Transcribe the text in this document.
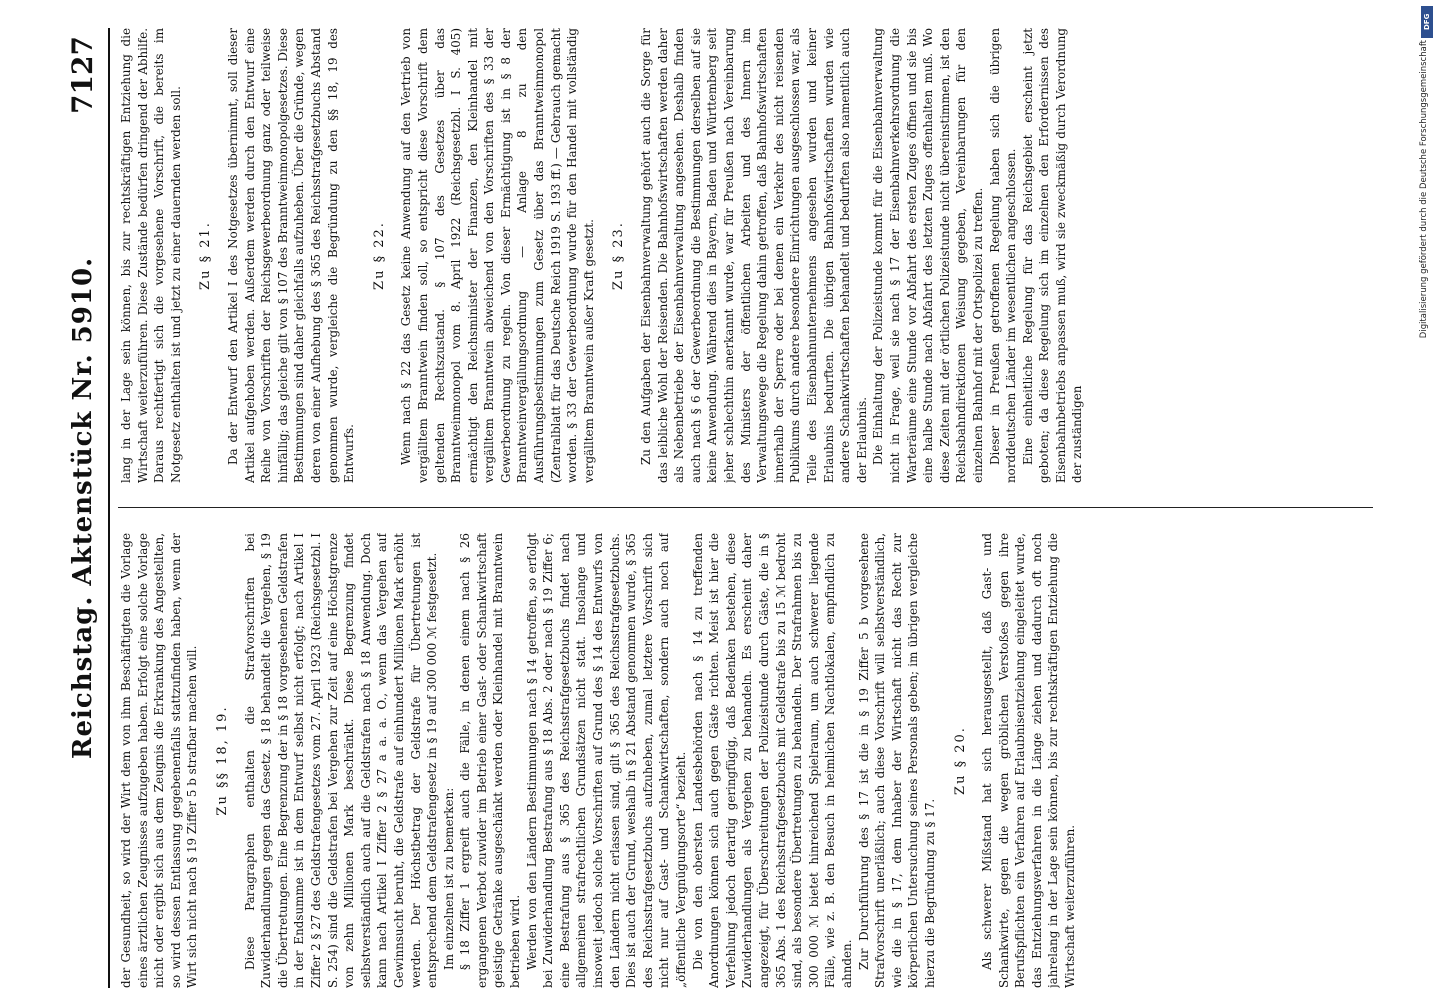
Reichstag. Aktenstück Nr. 5910.
7127

der Gesundheit, so wird der Wirt dem von ihm Beschäftigten die Vorlage eines ärztlichen Zeugnisses aufzugeben haben. Erfolgt eine solche Vorlage nicht oder ergibt sich aus dem Zeugnis die Erkrankung des Angestellten, so wird dessen Entlassung gegebenenfalls stattzufinden haben, wenn der Wirt sich nicht nach § 19 Ziffer 5 b strafbar machen will. Zu §§ 18, 19. Diese Paragraphen enthalten die Strafvorschriften bei Zuwiderhandlungen gegen das Gesetz. § 18 behandelt die Vergehen, § 19 die Übertretungen. Eine Begrenzung der in § 18 vorgesehenen Geldstrafen in der Endsumme ist in dem Entwurf selbst nicht erfolgt; nach Artikel I Ziffer 2 § 27 des Geldstrafengesetzes vom 27. April 1923 (Reichsgesetzbl. I S. 254) sind die Geldstrafen bei Vergehen zur Zeit auf eine Höchstgrenze von zehn Millionen Mark beschränkt. Diese Begrenzung findet selbstverständlich auch auf die Geldstrafen nach § 18 Anwendung. Doch kann nach Artikel I Ziffer 2 § 27 a a. a. O., wenn das Vergehen auf Gewinnsucht beruht, die Geldstrafe auf einhundert Millionen Mark erhöht werden. Der Höchstbetrag der Geldstrafe für Übertretungen ist entsprechend dem Geldstrafengesetz in § 19 auf 300 000 ℳ festgesetzt. Im einzelnen ist zu bemerken: § 18 Ziffer 1 ergreift auch die Fälle, in denen einem nach § 26 ergangenen Verbot zuwider im Betrieb einer Gast- oder Schankwirtschaft geistige Getränke ausgeschänkt werden oder Kleinhandel mit Branntwein betrieben wird. Werden von den Ländern Bestimmungen nach § 14 getroffen, so erfolgt bei Zuwiderhandlung Bestrafung aus § 18 Abs. 2 oder nach § 19 Ziffer 6; eine Bestrafung aus § 365 des Reichsstrafgesetzbuchs findet nach allgemeinen strafrechtlichen Grundsätzen nicht statt. Insolange und insoweit jedoch solche Vorschriften auf Grund des § 14 des Entwurfs von den Ländern nicht erlassen sind, gilt § 365 des Reichsstrafgesetzbuchs. Dies ist auch der Grund, weshalb in § 21 Abstand genommen wurde, § 365 des Reichsstrafgesetzbuchs aufzuheben, zumal letztere Vorschrift sich nicht nur auf Gast- und Schankwirtschaften, sondern auch noch auf „öffentliche Vergnügungsorte“ bezieht. Die von den obersten Landesbehörden nach § 14 zu treffenden Anordnungen können sich auch gegen Gäste richten. Meist ist hier die Verfehlung jedoch derartig geringfügig, daß Bedenken bestehen, diese Zuwiderhandlungen als Vergehen zu behandeln. Es erscheint daher angezeigt, für Überschreitungen der Polizeistunde durch Gäste, die in § 365 Abs. 1 des Reichsstrafgesetzbuchs mit Geldstrafe bis zu 15 ℳ bedroht sind, als besondere Übertretungen zu behandeln. Der Strafrahmen bis zu 300 000 ℳ bietet hinreichend Spielraum, um auch schwerer liegende Fälle, wie z. B. den Besuch in heimlichen Nachtlokalen, empfindlich zu ahnden. Zur Durchführung des § 17 ist die in § 19 Ziffer 5 b vorgesehene Strafvorschrift unerläßlich; auch diese Vorschrift will selbstverständlich, wie die in § 17, dem Inhaber der Wirtschaft nicht das Recht zur körperlichen Untersuchung seines Personals geben; im übrigen vergleiche hierzu die Begründung zu § 17.

Zu § 20. Als schwerer Mißstand hat sich herausgestellt, daß Gast- und Schankwirte, gegen die wegen gröblichen Verstoßes gegen ihre Berufspflichten ein Verfahren auf Erlaubnisentziehung eingeleitet wurde, das Entziehungsverfahren in die Länge ziehen und dadurch oft noch jahrelang in der Lage sein können, bis zur rechtskräftigen Entziehung die Wirtschaft weiterzuführen.

lang in der Lage sein können, bis zur rechtskräftigen Entziehung die Wirtschaft weiterzuführen. Diese Zustände bedürfen dringend der Abhilfe. Daraus rechtfertigt sich die vorgesehene Vorschrift, die bereits im Notgesetz enthalten ist und jetzt zu einer dauernden werden soll. Zu § 21. Da der Entwurf den Artikel I des Notgesetzes übernimmt, soll dieser Artikel aufgehoben werden. Außerdem werden durch den Entwurf eine Reihe von Vorschriften der Reichsgewerbeordnung ganz oder teilweise hinfällig; das gleiche gilt von § 107 des Branntweinmonopolgesetzes. Diese Bestimmungen sind daher gleichfalls aufzuheben. Über die Gründe, wegen deren von einer Aufhebung des § 365 des Reichsstrafgesetzbuchs Abstand genommen wurde, vergleiche die Begründung zu den §§ 18, 19 des Entwurfs.

Zu § 22. Wenn nach § 22 das Gesetz keine Anwendung auf den Vertrieb von vergälltem Branntwein finden soll, so entspricht diese Vorschrift dem geltenden Rechtszustand. § 107 des Gesetzes über das Branntweinmonopol vom 8. April 1922 (Reichsgesetzbl. I S. 405) ermächtigt den Reichsminister der Finanzen, den Kleinhandel mit vergälltem Branntwein abweichend von den Vorschriften des § 33 der Gewerbeordnung zu regeln. Von dieser Ermächtigung ist in § 8 der Branntweinvergällungsordnung — Anlage 8 zu den Ausführungsbestimmungen zum Gesetz über das Branntweinmonopol (Zentralblatt für das Deutsche Reich 1919 S. 193 ff.) — Gebrauch gemacht worden. § 33 der Gewerbeordnung wurde für den Handel mit vollständig vergälltem Branntwein außer Kraft gesetzt. Zu § 23. Zu den Aufgaben der Eisenbahnverwaltung gehört auch die Sorge für das leibliche Wohl der Reisenden. Die Bahnhofswirtschaften werden daher als Nebenbetriebe der Eisenbahnverwaltung angesehen. Deshalb finden auch nach § 6 der Gewerbeordnung die Bestimmungen derselben auf sie keine Anwendung. Während dies in Bayern, Baden und Württemberg seit jeher schlechthin anerkannt wurde, war für Preußen nach Vereinbarung des Ministers der öffentlichen Arbeiten und des Innern im Verwaltungswege die Regelung dahin getroffen, daß Bahnhofswirtschaften innerhalb der Sperre oder bei denen ein Verkehr des nicht reisenden Publikums durch andere besondere Einrichtungen ausgeschlossen war, als Teile des Eisenbahnunternehmens angesehen wurden und keiner Erlaubnis bedurften. Die übrigen Bahnhofswirtschaften wurden wie andere Schankwirtschaften behandelt und bedurften also namentlich auch der Erlaubnis. Die Einhaltung der Polizeistunde kommt für die Eisenbahnverwaltung nicht in Frage, weil sie nach § 17 der Eisenbahnverkehrsordnung die Warteräume eine Stunde vor Abfahrt des ersten Zuges öffnen und sie bis eine halbe Stunde nach Abfahrt des letzten Zuges offenhalten muß. Wo diese Zeiten mit der örtlichen Polizeistunde nicht übereinstimmen, ist den Reichsbahndirektionen Weisung gegeben, Vereinbarungen für den einzelnen Bahnhof mit der Ortspolizei zu treffen. Dieser in Preußen getroffenen Regelung haben sich die übrigen norddeutschen Länder im wesentlichen angeschlossen. Eine einheitliche Regelung für das Reichsgebiet erscheint jetzt geboten; da diese Regelung sich im einzelnen den Erfordernissen des Eisenbahnbetriebs anpassen muß, wird sie zweckmäßig durch Verordnung der zuständigen

DFG
Digitalisierung gefördert durch die Deutsche Forschungsgemeinschaft
